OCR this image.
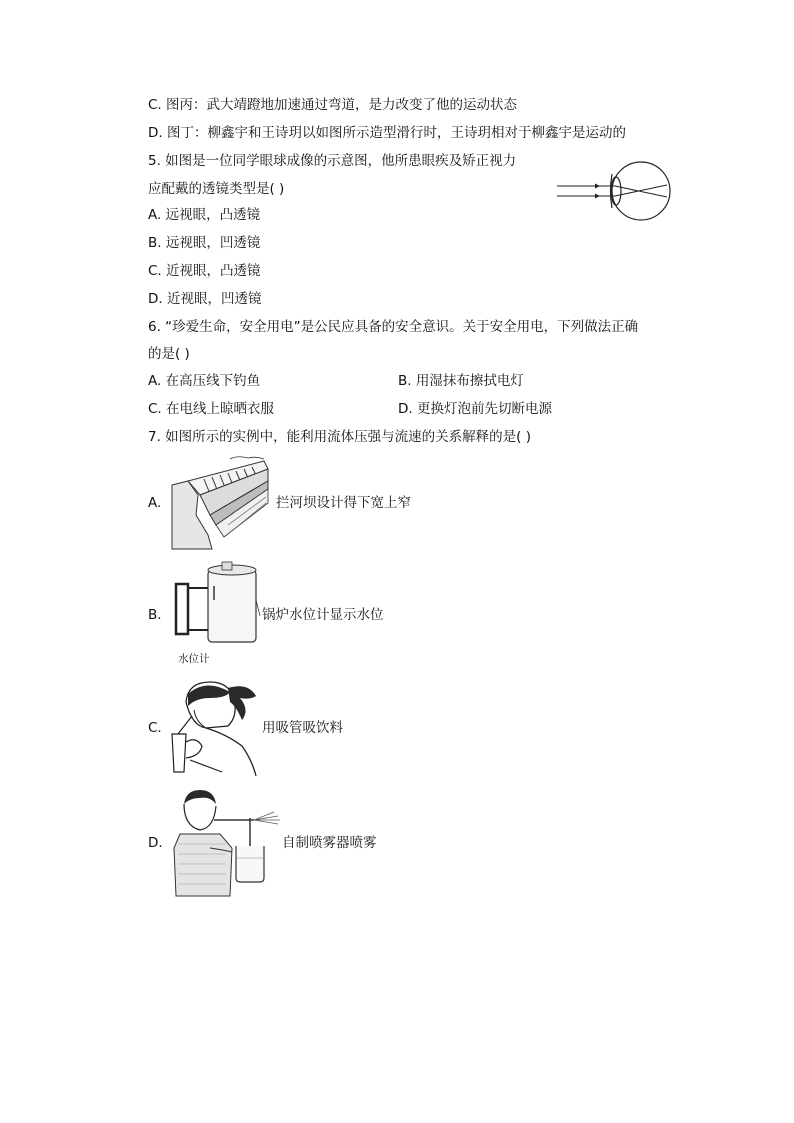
C. 图丙：武大靖蹬地加速通过弯道，是力改变了他的运动状态
D. 图丁：柳鑫宇和王诗玥以如图所示造型滑行时，王诗玥相对于柳鑫宇是运动的
5. 如图是一位同学眼球成像的示意图，他所患眼疾及矫正视力
应配戴的透镜类型是( )
A. 远视眼，凸透镜
B. 远视眼，凹透镜
C. 近视眼，凸透镜
D. 近视眼，凹透镜
6. “珍爱生命，安全用电”是公民应具备的安全意识。关于安全用电，下列做法正确
的是( )
A. 在高压线下钓鱼	B. 用湿抹布擦拭电灯
C. 在电线上晾晒衣服	D. 更换灯泡前先切断电源
7. 如图所示的实例中，能利用流体压强与流速的关系解释的是( )
A.	拦河坝设计得下宽上窄
B.
水位计
锅炉水位计显示水位
C.	用吸管吸饮料
D.	自制喷雾器喷雾
